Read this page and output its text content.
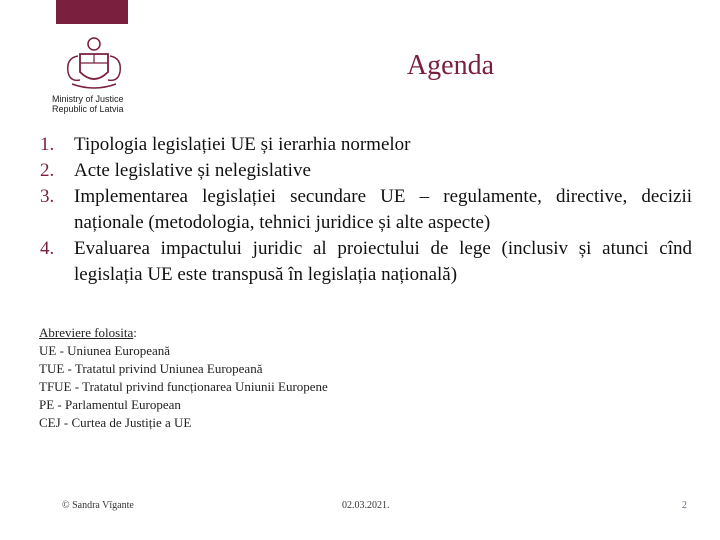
Ministry of Justice
Republic of Latvia
Agenda
1. Tipologia legislației UE și ierarhia normelor
2. Acte legislative și nelegislative
3. Implementarea legislației secundare UE – regulamente, directive, decizii naționale (metodologia, tehnici juridice și alte aspecte)
4. Evaluarea impactului juridic al proiectului de lege (inclusiv și atunci cînd legislația UE este transpusă în legislația națională)
Abreviere folosita:
UE - Uniunea Europeană
TUE - Tratatul privind Uniunea Europeană
TFUE - Tratatul privind funcționarea Uniunii Europene
PE - Parlamentul European
CEJ - Curtea de Justiție a UE
© Sandra Vīgante	02.03.2021.	2
